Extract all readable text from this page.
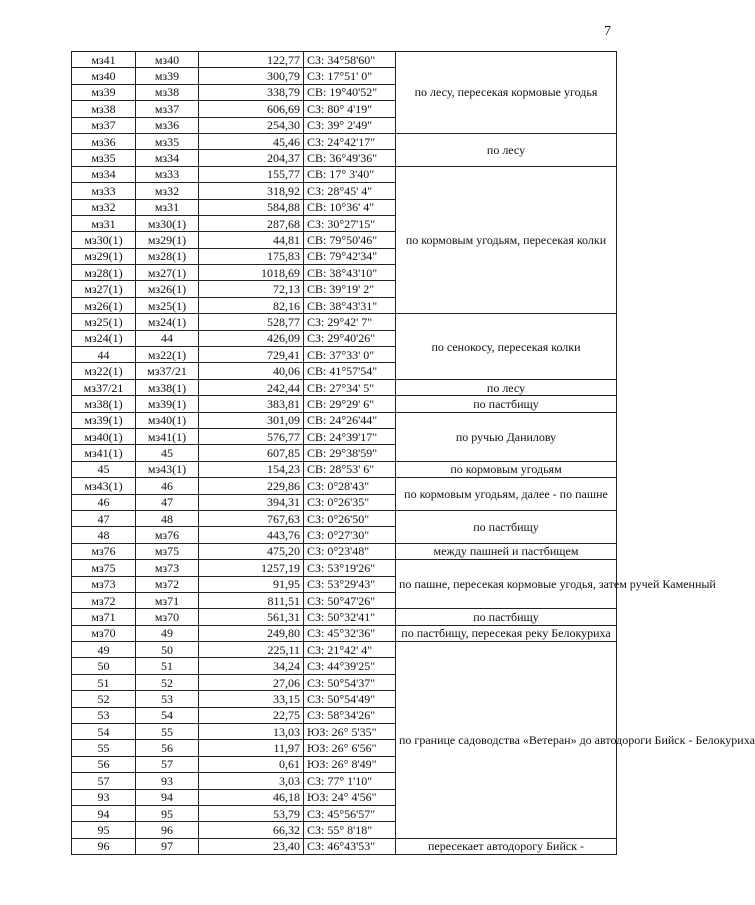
7
мз41	мз40	122,77	СЗ: 34°58'60"	по лесу, пересекая кормовые угодья
мз40	мз39	300,79	СЗ: 17°51' 0"	
мз39	мз38	338,79	СВ: 19°40'52"	
мз38	мз37	606,69	СЗ: 80° 4'19"	
мз37	мз36	254,30	СЗ: 39° 2'49"	
мз36	мз35	45,46	СЗ: 24°42'17"	по лесу
мз35	мз34	204,37	СВ: 36°49'36"	
мз34	мз33	155,77	СВ: 17° 3'40"	по кормовым угодьям, пересекая колки
мз33	мз32	318,92	СЗ: 28°45' 4"	
мз32	мз31	584,88	СВ: 10°36' 4"	
мз31	мз30(1)	287,68	СЗ: 30°27'15"	
мз30(1)	мз29(1)	44,81	СВ: 79°50'46"	
мз29(1)	мз28(1)	175,83	СВ: 79°42'34"	
мз28(1)	мз27(1)	1018,69	СВ: 38°43'10"	
мз27(1)	мз26(1)	72,13	СВ: 39°19' 2"	
мз26(1)	мз25(1)	82,16	СВ: 38°43'31"	
мз25(1)	мз24(1)	528,77	СЗ: 29°42' 7"	по сенокосу, пересекая колки
мз24(1)	44	426,09	СЗ: 29°40'26"	
44	мз22(1)	729,41	СВ: 37°33' 0"	
мз22(1)	мз37/21	40,06	СВ: 41°57'54"	
мз37/21	мз38(1)	242,44	СВ: 27°34' 5"	по лесу
мз38(1)	мз39(1)	383,81	СВ: 29°29' 6"	по пастбищу
мз39(1)	мз40(1)	301,09	СВ: 24°26'44"	по ручью Данилову
мз40(1)	мз41(1)	576,77	СВ: 24°39'17"	
мз41(1)	45	607,85	СВ: 29°38'59"	
45	мз43(1)	154,23	СВ: 28°53' 6"	по кормовым угодьям
мз43(1)	46	229,86	СЗ: 0°28'43"	по кормовым угодьям, далее - по пашне
46	47	394,31	СЗ: 0°26'35"	
47	48	767,63	СЗ: 0°26'50"	по пастбищу
48	мз76	443,76	СЗ: 0°27'30"	
мз76	мз75	475,20	СЗ: 0°23'48"	между пашней и пастбищем
мз75	мз73	1257,19	СЗ: 53°19'26"	по пашне, пересекая кормовые угодья, затем ручей Каменный
мз73	мз72	91,95	СЗ: 53°29'43"	
мз72	мз71	811,51	СЗ: 50°47'26"	
мз71	мз70	561,31	СЗ: 50°32'41"	по пастбищу
мз70	49	249,80	СЗ: 45°32'36"	по пастбищу, пересекая реку Белокуриха
49	50	225,11	СЗ: 21°42' 4"	по границе садоводства «Ветеран» до автодороги Бийск - Белокуриха
50	51	34,24	СЗ: 44°39'25"	
51	52	27,06	СЗ: 50°54'37"	
52	53	33,15	СЗ: 50°54'49"	
53	54	22,75	СЗ: 58°34'26"	
54	55	13,03	ЮЗ: 26° 5'35"	
55	56	11,97	ЮЗ: 26° 6'56"	
56	57	0,61	ЮЗ: 26° 8'49"	
57	93	3,03	СЗ: 77° 1'10"	
93	94	46,18	ЮЗ: 24° 4'56"	
94	95	53,79	СЗ: 45°56'57"	
95	96	66,32	СЗ: 55° 8'18"	
96	97	23,40	СЗ: 46°43'53"	пересекает автодорогу Бийск -
